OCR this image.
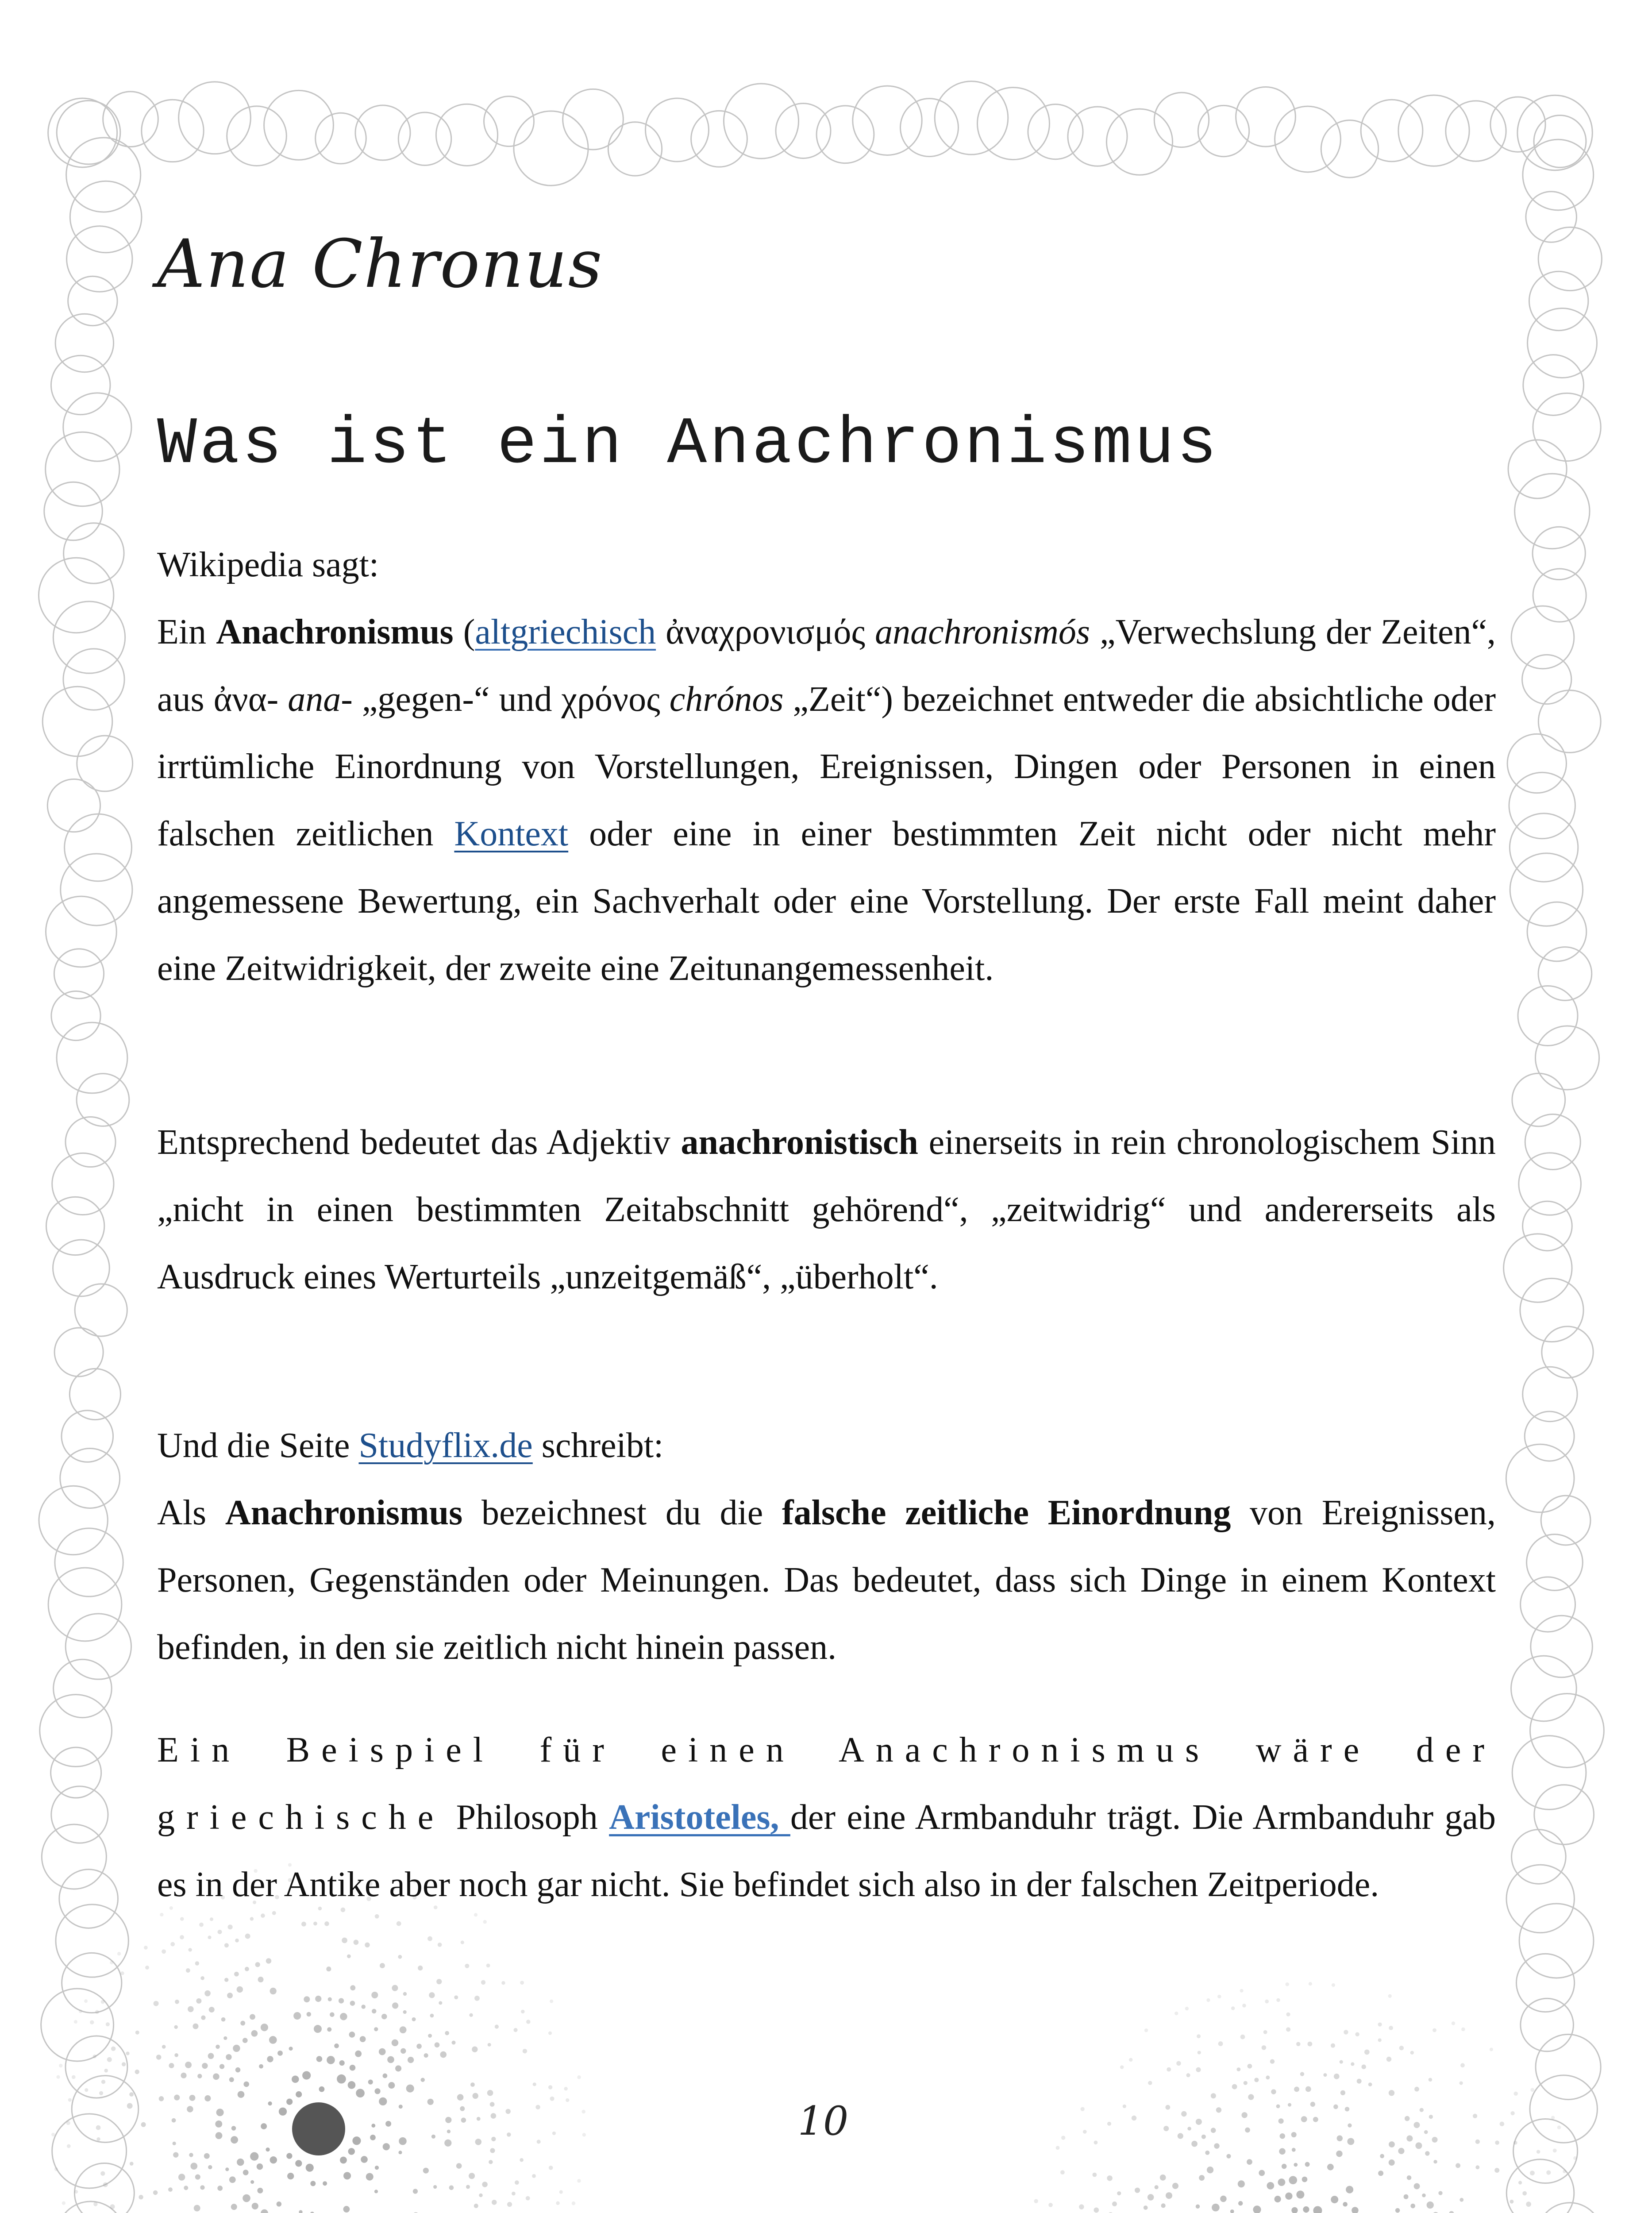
Ana Chronus
Was ist ein Anachronismus

Wikipedia sagt:

Ein Anachronismus (altgriechisch ἀναχρονισμός anachronismós „Verwechslung der Zeiten“, aus ἀνα- ana- „gegen-“ und χρόνος chrónos „Zeit“) bezeichnet entweder die absichtliche oder irrtümliche Einordnung von Vorstellungen, Ereignissen, Dingen oder Personen in einen falschen zeitlichen Kontext oder eine in einer bestimmten Zeit nicht oder nicht mehr angemessene Bewertung, ein Sachverhalt oder eine Vorstellung. Der erste Fall meint daher eine Zeitwidrigkeit, der zweite eine Zeitunangemessenheit.

Entsprechend bedeutet das Adjektiv anachronistisch einerseits in rein chronologischem Sinn „nicht in einen bestimmten Zeitabschnitt gehörend“, „zeitwidrig“ und andererseits als Ausdruck eines Werturteils „unzeitgemäß“, „überholt“.

Und die Seite Studyflix.de schreibt:

Als Anachronismus bezeichnest du die falsche zeitliche Einordnung von Ereignissen, Personen, Gegenständen oder Meinungen. Das bedeutet, dass sich Dinge in einem Kontext befinden, in den sie zeitlich nicht hinein passen.

Ein Beispiel für einen Anachronismus wäre der griechische Philosoph Aristoteles, der eine Armbanduhr trägt. Die Armbanduhr gab es in der Antike aber noch gar nicht. Sie befindet sich also in der falschen Zeitperiode.

10
